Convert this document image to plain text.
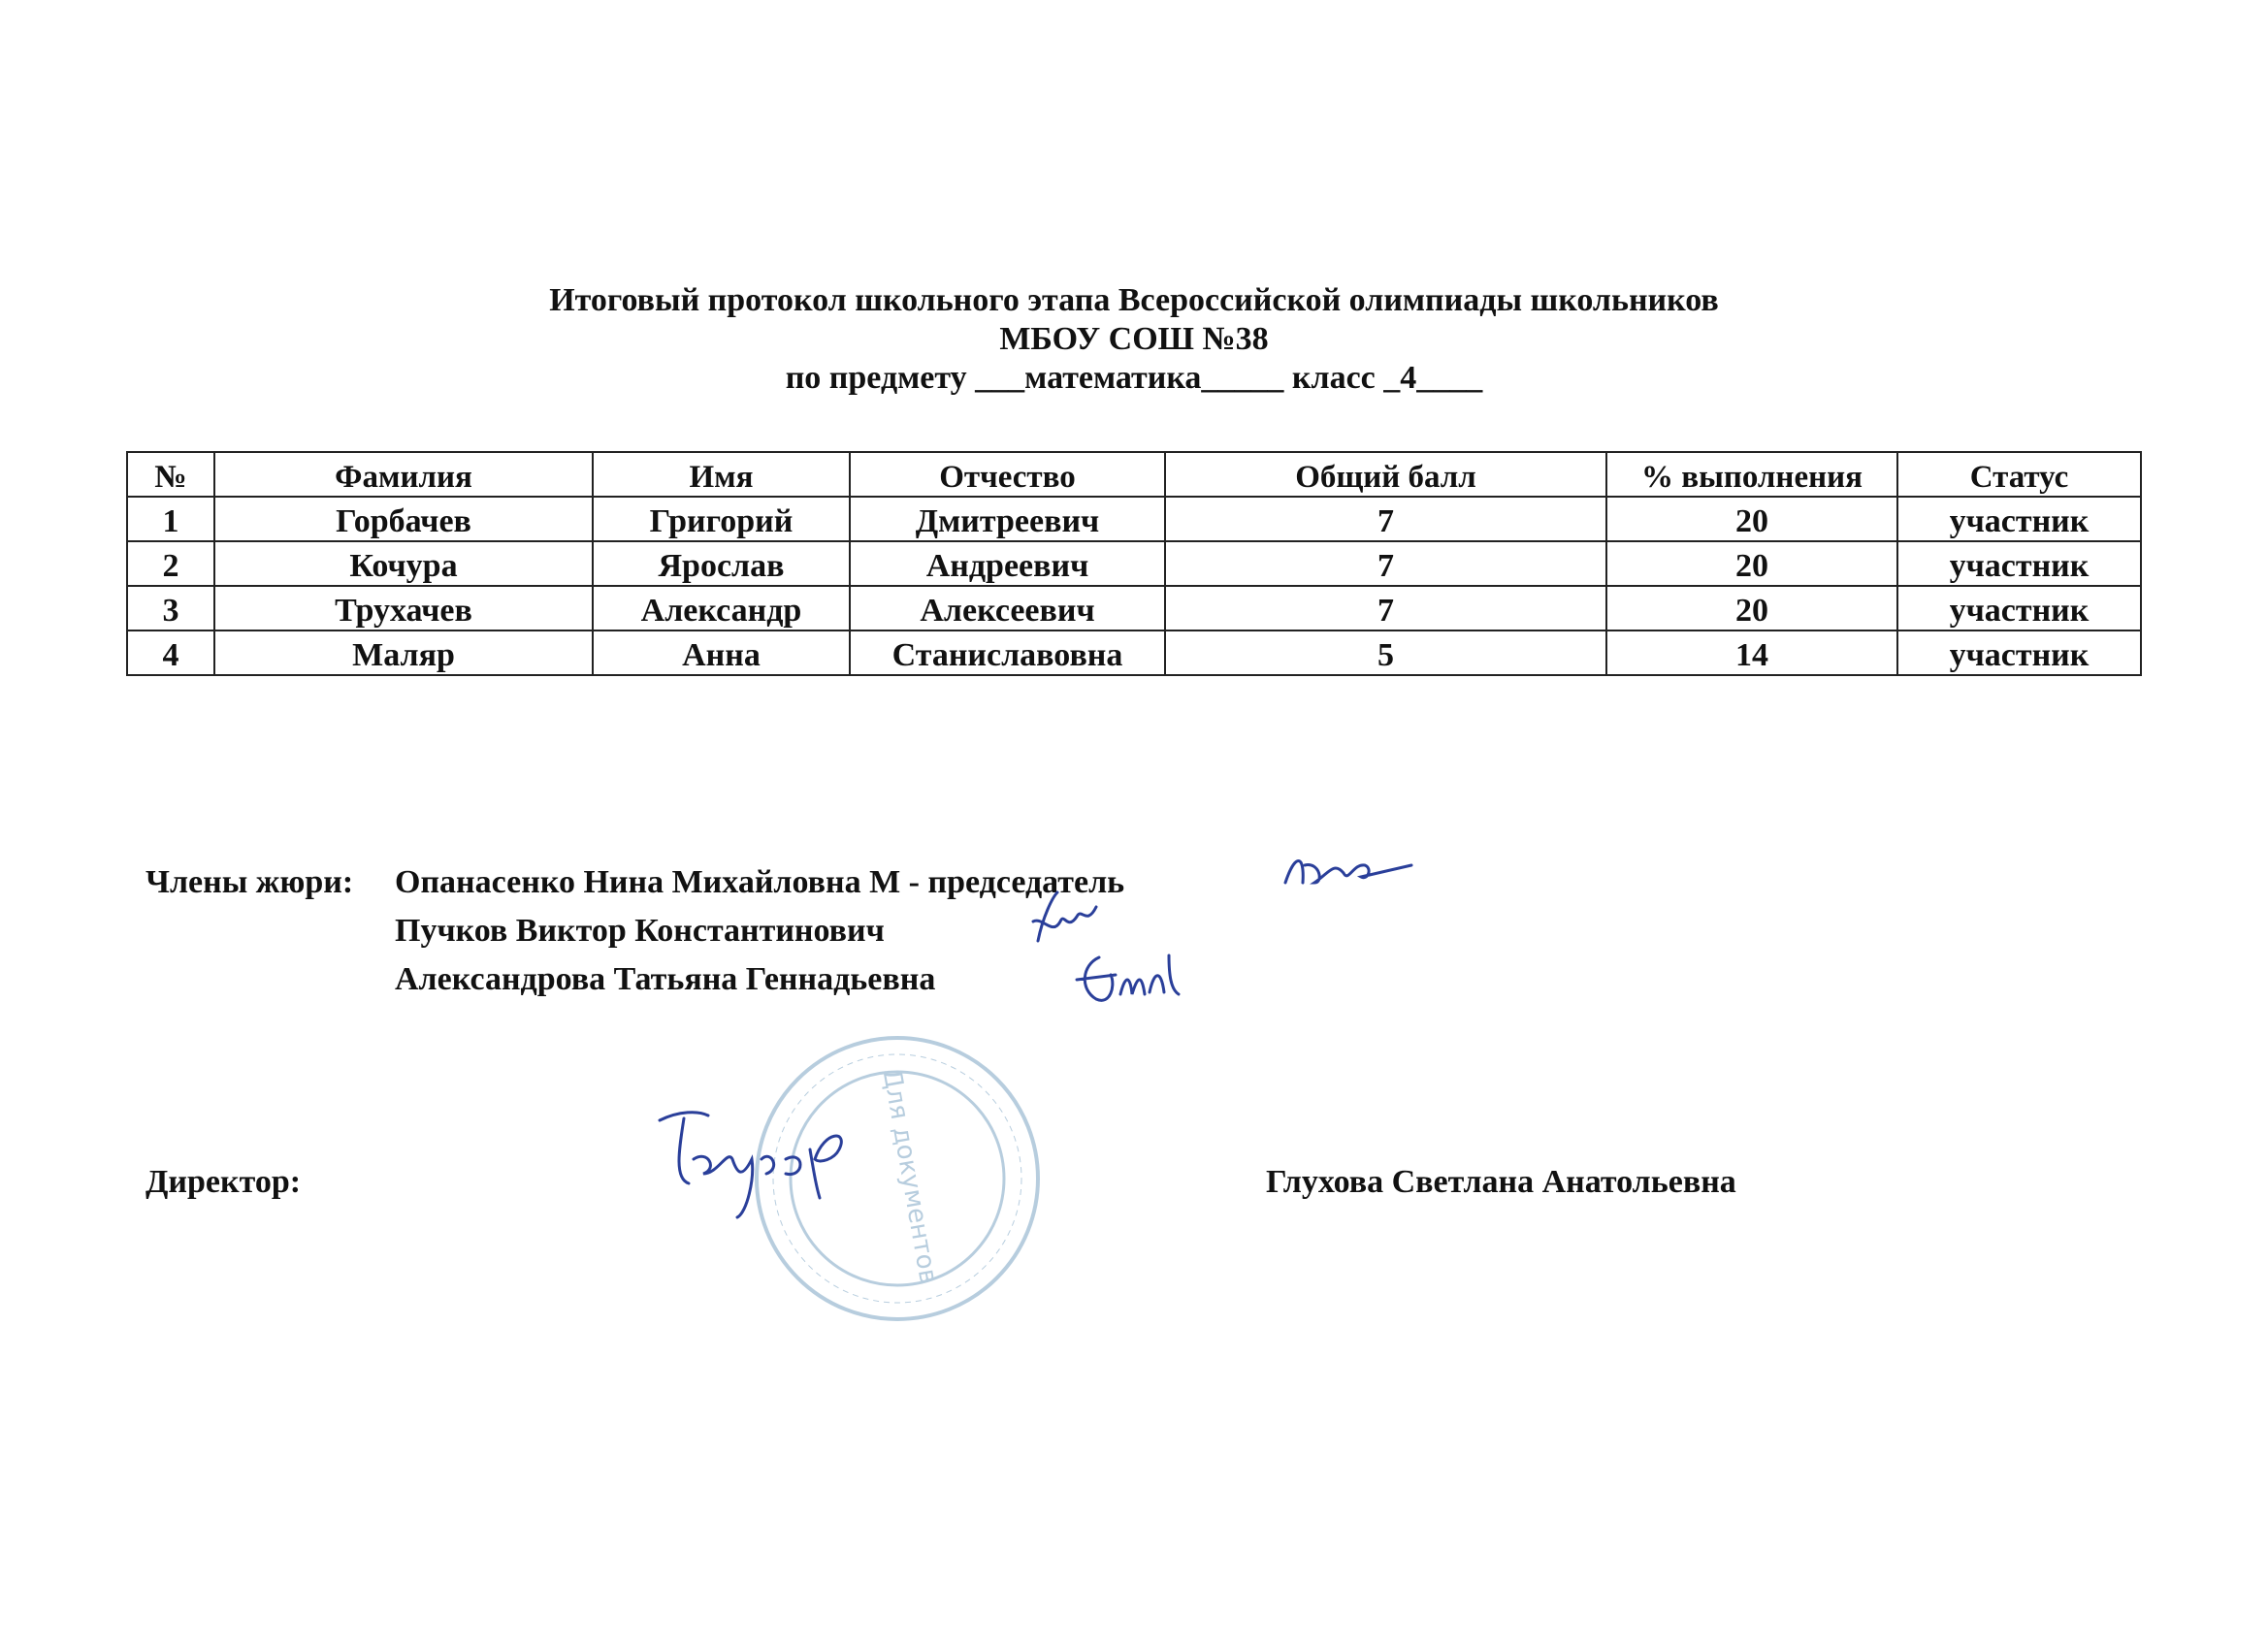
Итоговый протокол школьного этапа Всероссийской олимпиады школьников
МБОУ СОШ №38
по предмету ___математика_____ класс _4____
№	Фамилия	Имя	Отчество	Общий балл	% выполнения	Статус
1	Горбачев	Григорий	Дмитреевич	7	20	участник
2	Кочура	Ярослав	Андреевич	7	20	участник
3	Трухачев	Александр	Алексеевич	7	20	участник
4	Маляр	Анна	Станиславовна	5	14	участник
Члены жюри: Опанасенко Нина Михайловна М - председатель
Пучков Виктор Константинович
Александрова Татьяна Геннадьевна
Для документов
Директор:	Глухова Светлана Анатольевна
